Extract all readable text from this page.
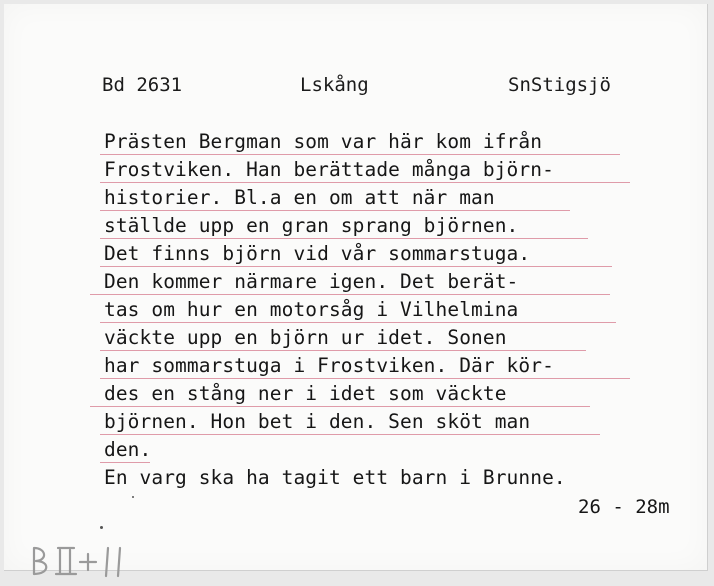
Bd 2631	Lskång	SnStigsjö
Prästen Bergman som var här kom ifrån
Frostviken. Han berättade många björn-
historier. Bl.a en om att när man
ställde upp en gran sprang björnen.
Det finns björn vid vår sommarstuga.
Den kommer närmare igen. Det berät-
tas om hur en motorsåg i Vilhelmina
väckte upp en björn ur idet. Sonen
har sommarstuga i Frostviken. Där kör-
des en stång ner i idet som väckte
björnen. Hon bet i den. Sen sköt man
den.
En varg ska ha tagit ett barn i Brunne.
26 - 28m
